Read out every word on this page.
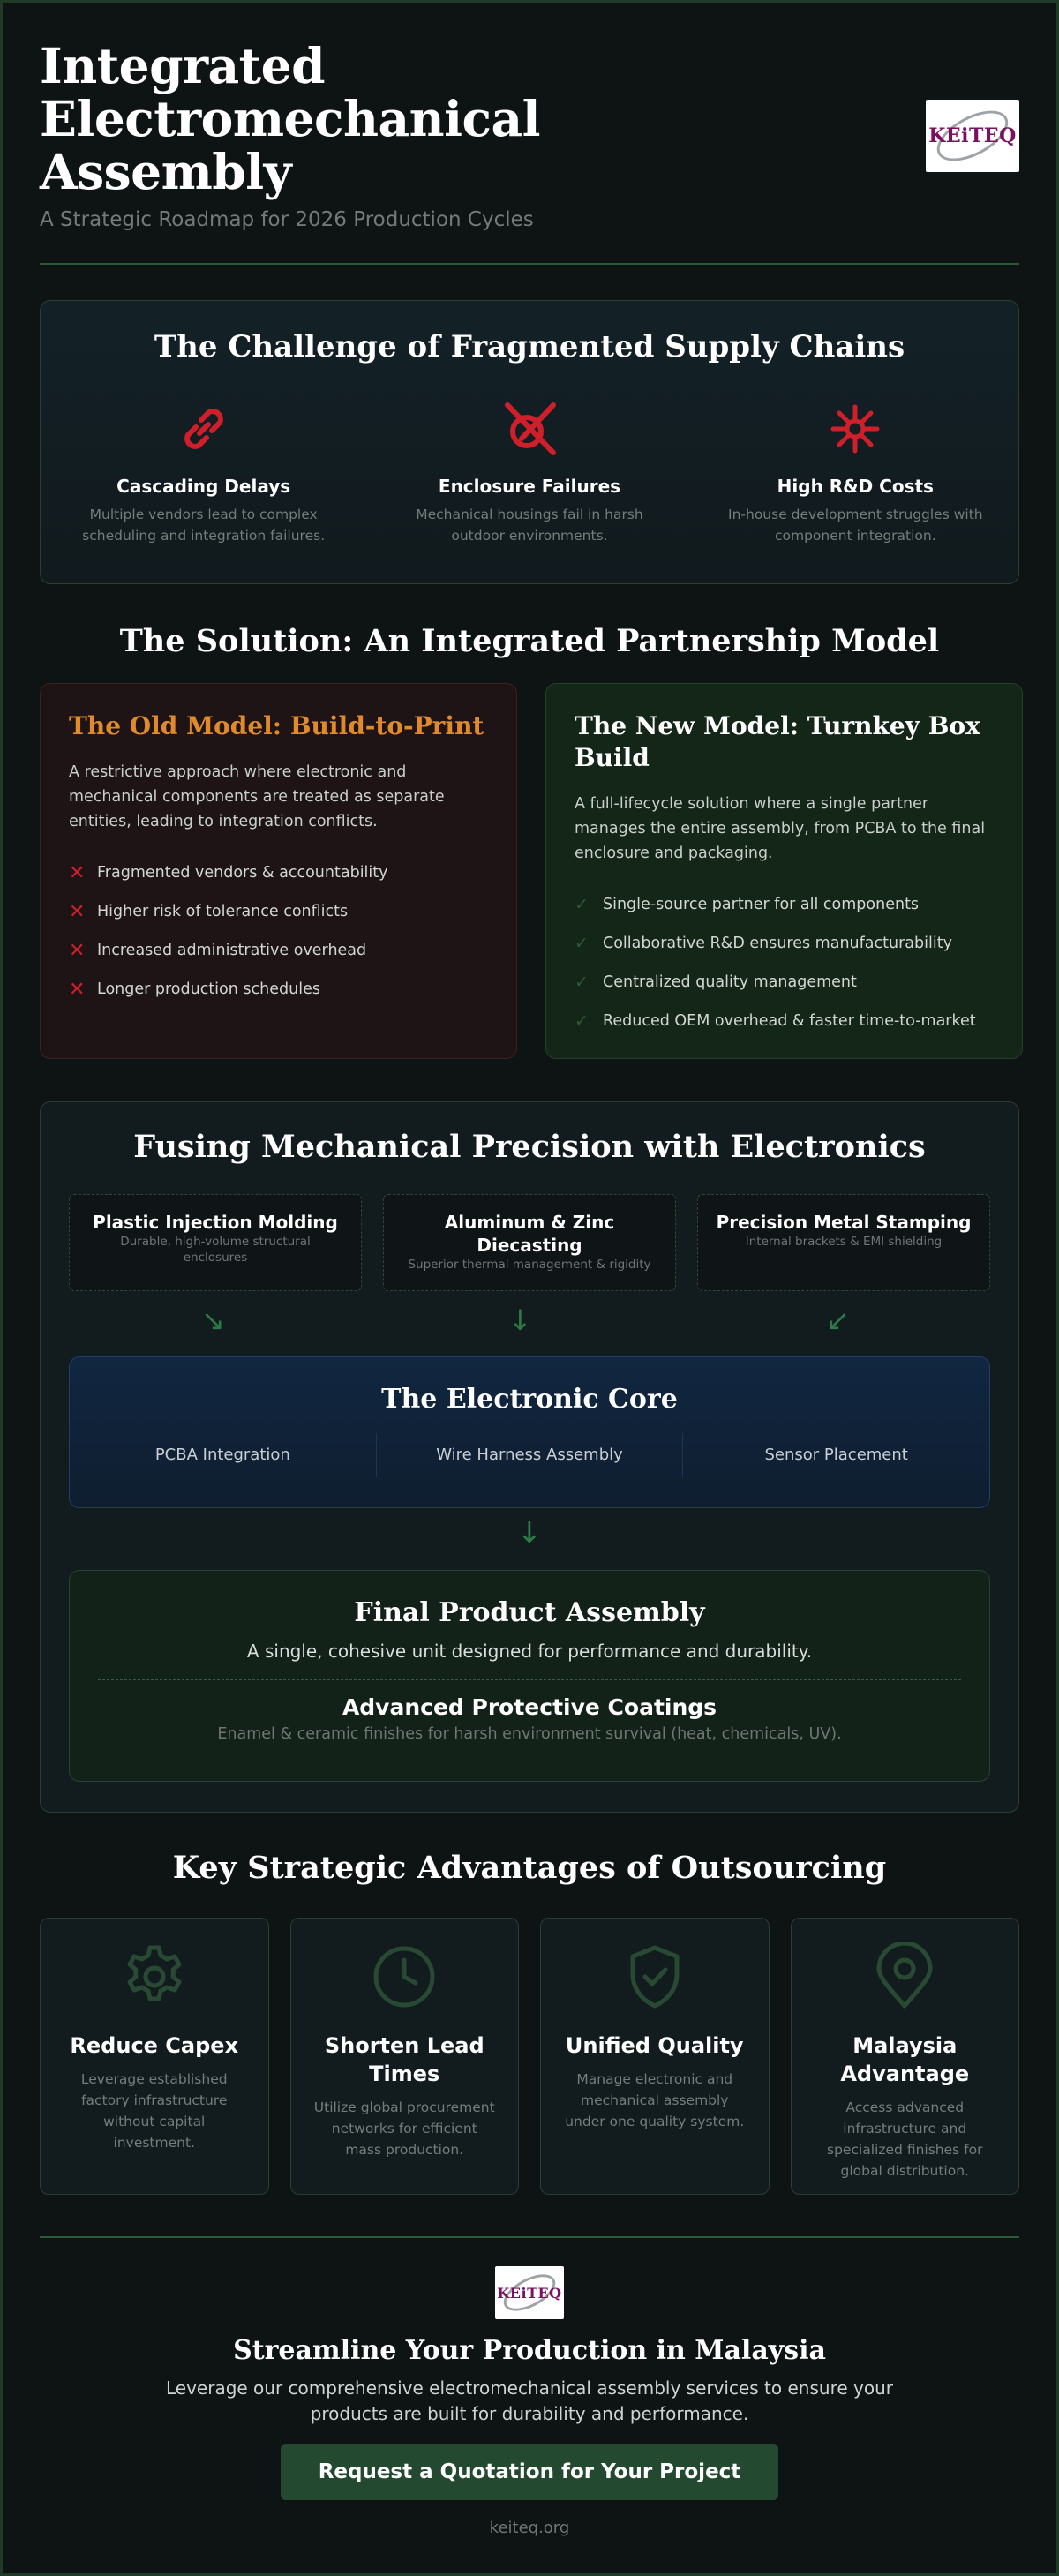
Integrated Electromechanical Assembly
A Strategic Roadmap for 2026 Production Cycles
KEiTEQ
The Challenge of Fragmented Supply Chains
Cascading Delays
Multiple vendors lead to complex scheduling and integration failures.
Enclosure Failures
Mechanical housings fail in harsh outdoor environments.
High R&D Costs
In-house development struggles with component integration.
The Solution: An Integrated Partnership Model
The Old Model: Build-to-Print

A restrictive approach where electronic and mechanical components are treated as separate entities, leading to integration conflicts.

✕ Fragmented vendors & accountability
✕ Higher risk of tolerance conflicts
✕ Increased administrative overhead
✕ Longer production schedules
The New Model: Turnkey Box Build

A full-lifecycle solution where a single partner manages the entire assembly, from PCBA to the final enclosure and packaging.

✓ Single-source partner for all components
✓ Collaborative R&D ensures manufacturability
✓ Centralized quality management
✓ Reduced OEM overhead & faster time-to-market
Fusing Mechanical Precision with Electronics
Plastic Injection Molding
Durable, high-volume structural enclosures
Aluminum & Zinc Diecasting
Superior thermal management & rigidity
Precision Metal Stamping
Internal brackets & EMI shielding
↘	↓	↙
The Electronic Core
PCBA Integration	Wire Harness Assembly	Sensor Placement
↓
Final Product Assembly
A single, cohesive unit designed for performance and durability.
Advanced Protective Coatings
Enamel & ceramic finishes for harsh environment survival (heat, chemicals, UV).
Key Strategic Advantages of Outsourcing
Reduce Capex
Leverage established factory infrastructure without capital investment.
Shorten Lead Times
Utilize global procurement networks for efficient mass production.
Unified Quality
Manage electronic and mechanical assembly under one quality system.
Malaysia Advantage
Access advanced infrastructure and specialized finishes for global distribution.
KEiTEQ
Streamline Your Production in Malaysia
Leverage our comprehensive electromechanical assembly services to ensure your products are built for durability and performance.
Request a Quotation for Your Project
keiteq.org
